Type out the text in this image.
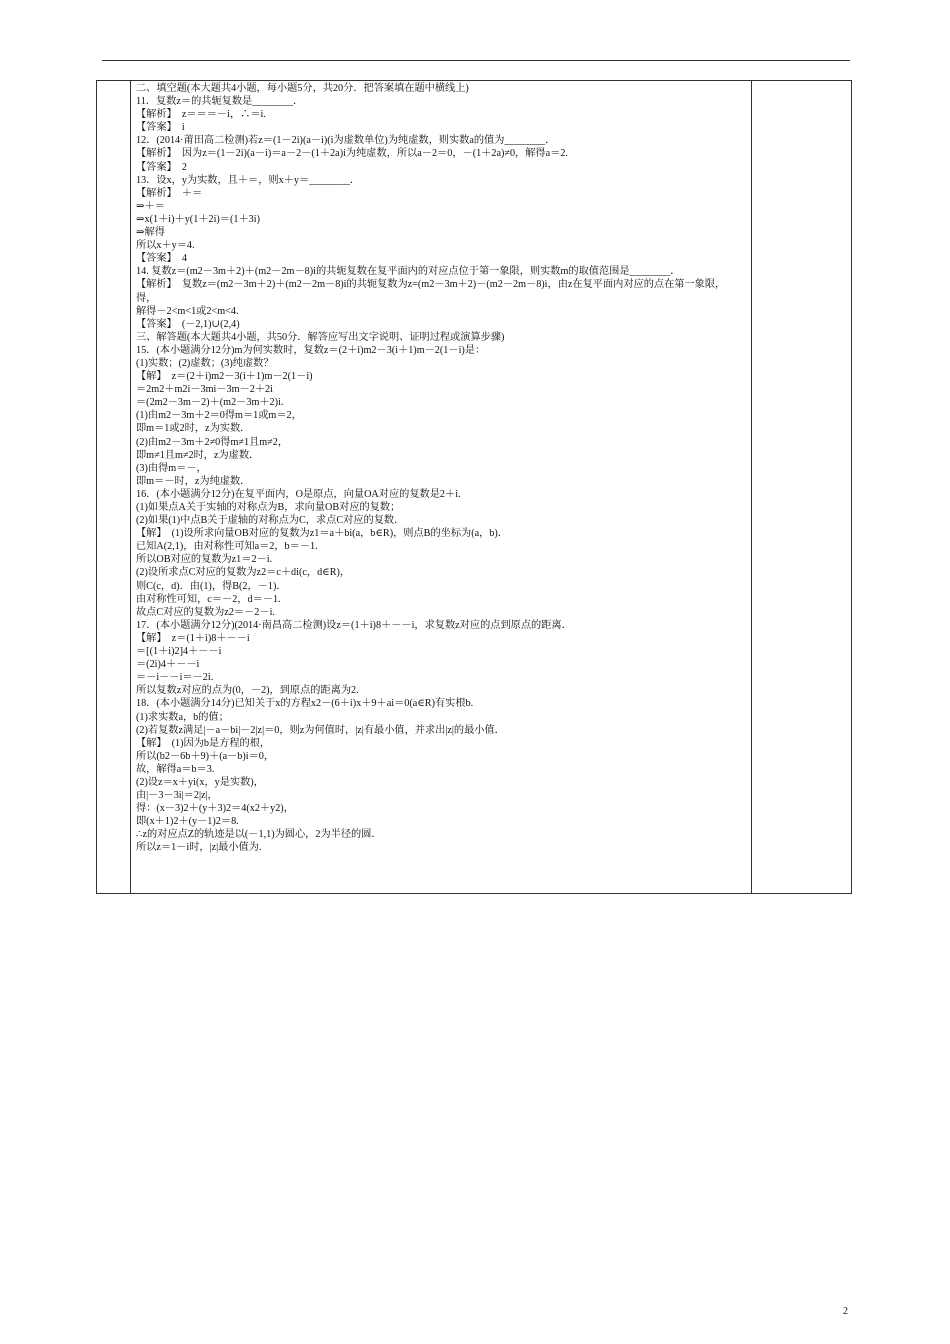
二、填空题(本大题共4小题，每小题5分，共20分．把答案填在题中横线上)
11．复数z＝的共轭复数是________．
【解析】　z＝＝＝－i，∴＝i.
【答案】　i
12．(2014·莆田高二检测)若z＝(1－2i)(a－i)(i为虚数单位)为纯虚数，则实数a的值为________．
【解析】　因为z＝(1－2i)(a－i)＝a－2－(1＋2a)i为纯虚数，所以a－2＝0，－(1＋2a)≠0，解得a＝2.
【答案】　2
13．设x，y为实数，且＋＝，则x＋y＝________．
【解析】　＋＝
⇒＋＝
⇒x(1＋i)＋y(1＋2i)＝(1＋3i)
⇒解得
所以x＋y＝4.
【答案】　4
14. 复数z＝(m2－3m＋2)＋(m2－2m－8)i的共轭复数在复平面内的对应点位于第一象限，则实数m的取值范围是________．
【解析】　复数z＝(m2－3m＋2)＋(m2－2m－8)i的共轭复数为z=(m2－3m＋2)－(m2－2m－8)i，由z在复平面内对应的点在第一象限，
得，
解得－2<m<1或2<m<4.
【答案】　(－2,1)∪(2,4)
三、解答题(本大题共4小题，共50分．解答应写出文字说明、证明过程或演算步骤)
15．(本小题满分12分)m为何实数时，复数z＝(2＋i)m2－3(i＋1)m－2(1－i)是：
(1)实数；(2)虚数；(3)纯虚数？
【解】　z＝(2＋i)m2－3(i＋1)m－2(1－i)
＝2m2＋m2i－3mi－3m－2＋2i
＝(2m2－3m－2)＋(m2－3m＋2)i.
(1)由m2－3m＋2＝0得m＝1或m＝2，
即m＝1或2时，z为实数．
(2)由m2－3m＋2≠0得m≠1且m≠2，
即m≠1且m≠2时，z为虚数．
(3)由得m＝－，
即m＝－时，z为纯虚数．
16．(本小题满分12分)在复平面内，O是原点，向量OA对应的复数是2＋i.
(1)如果点A关于实轴的对称点为B，求向量OB对应的复数；
(2)如果(1)中点B关于虚轴的对称点为C，求点C对应的复数．
【解】　(1)设所求向量OB对应的复数为z1＝a＋bi(a，b∈R)，则点B的坐标为(a，b)．
已知A(2,1)，由对称性可知a＝2，b＝－1.
所以OB对应的复数为z1＝2－i.
(2)设所求点C对应的复数为z2＝c＋di(c，d∈R)，
则C(c，d)．由(1)，得B(2，－1)．
由对称性可知，c＝－2，d＝－1.
故点C对应的复数为z2＝－2－i.
17．(本小题满分12分)(2014·南昌高二检测)设z＝(1＋i)8＋－－i，求复数z对应的点到原点的距离．
【解】　z＝(1＋i)8＋－－i
＝[(1＋i)2]4＋－－i
＝(2i)4＋－－i
＝－i－－i＝－2i.
所以复数z对应的点为(0，－2)，到原点的距离为2.
18．(本小题满分14分)已知关于x的方程x2－(6＋i)x＋9＋ai＝0(a∈R)有实根b.
(1)求实数a，b的值；
(2)若复数z满足|－a－bi|－2|z|＝0，则z为何值时，|z|有最小值，并求出|z|的最小值．
【解】　(1)因为b是方程的根，
所以(b2－6b＋9)＋(a－b)i＝0，
故，解得a＝b＝3.
(2)设z＝x＋yi(x，y是实数)，
由|－3－3i|＝2|z|，
得：(x－3)2＋(y＋3)2＝4(x2＋y2)，
即(x＋1)2＋(y－1)2＝8.
∴z的对应点Z的轨迹是以(－1,1)为圆心，2为半径的圆．
所以z＝1－i时，|z|最小值为.
2
